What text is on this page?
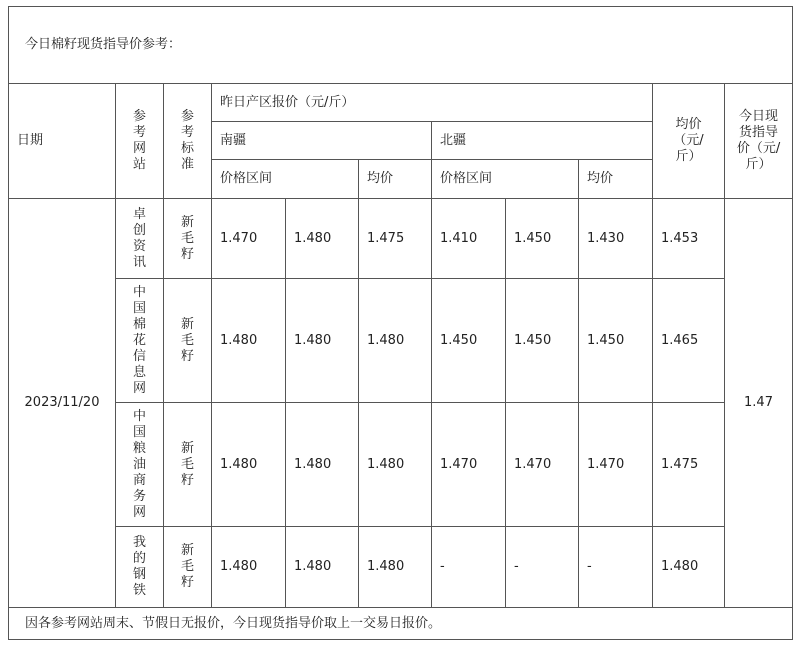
今日棉籽现货指导价参考：										
日期	参考网站	参考标准	昨日产区报价（元/斤）						均价（元/斤）	今日现货指导价（元/斤）

			南疆			北疆				
			价格区间		均价	价格区间		均价		
2023/11/20	卓创资讯	新毛籽	1.470	1.480	1.475	1.410	1.450	1.430	1.453	1.47
	中国棉花信息网	新毛籽	1.480	1.480	1.480	1.450	1.450	1.450	1.465	
	中国粮油商务网	新毛籽	1.480	1.480	1.480	1.470	1.470	1.470	1.475	
	我的钢铁	新毛籽	1.480	1.480	1.480	-	-	-	1.480	
因各参考网站周末、节假日无报价，今日现货指导价取上一交易日报价。										
